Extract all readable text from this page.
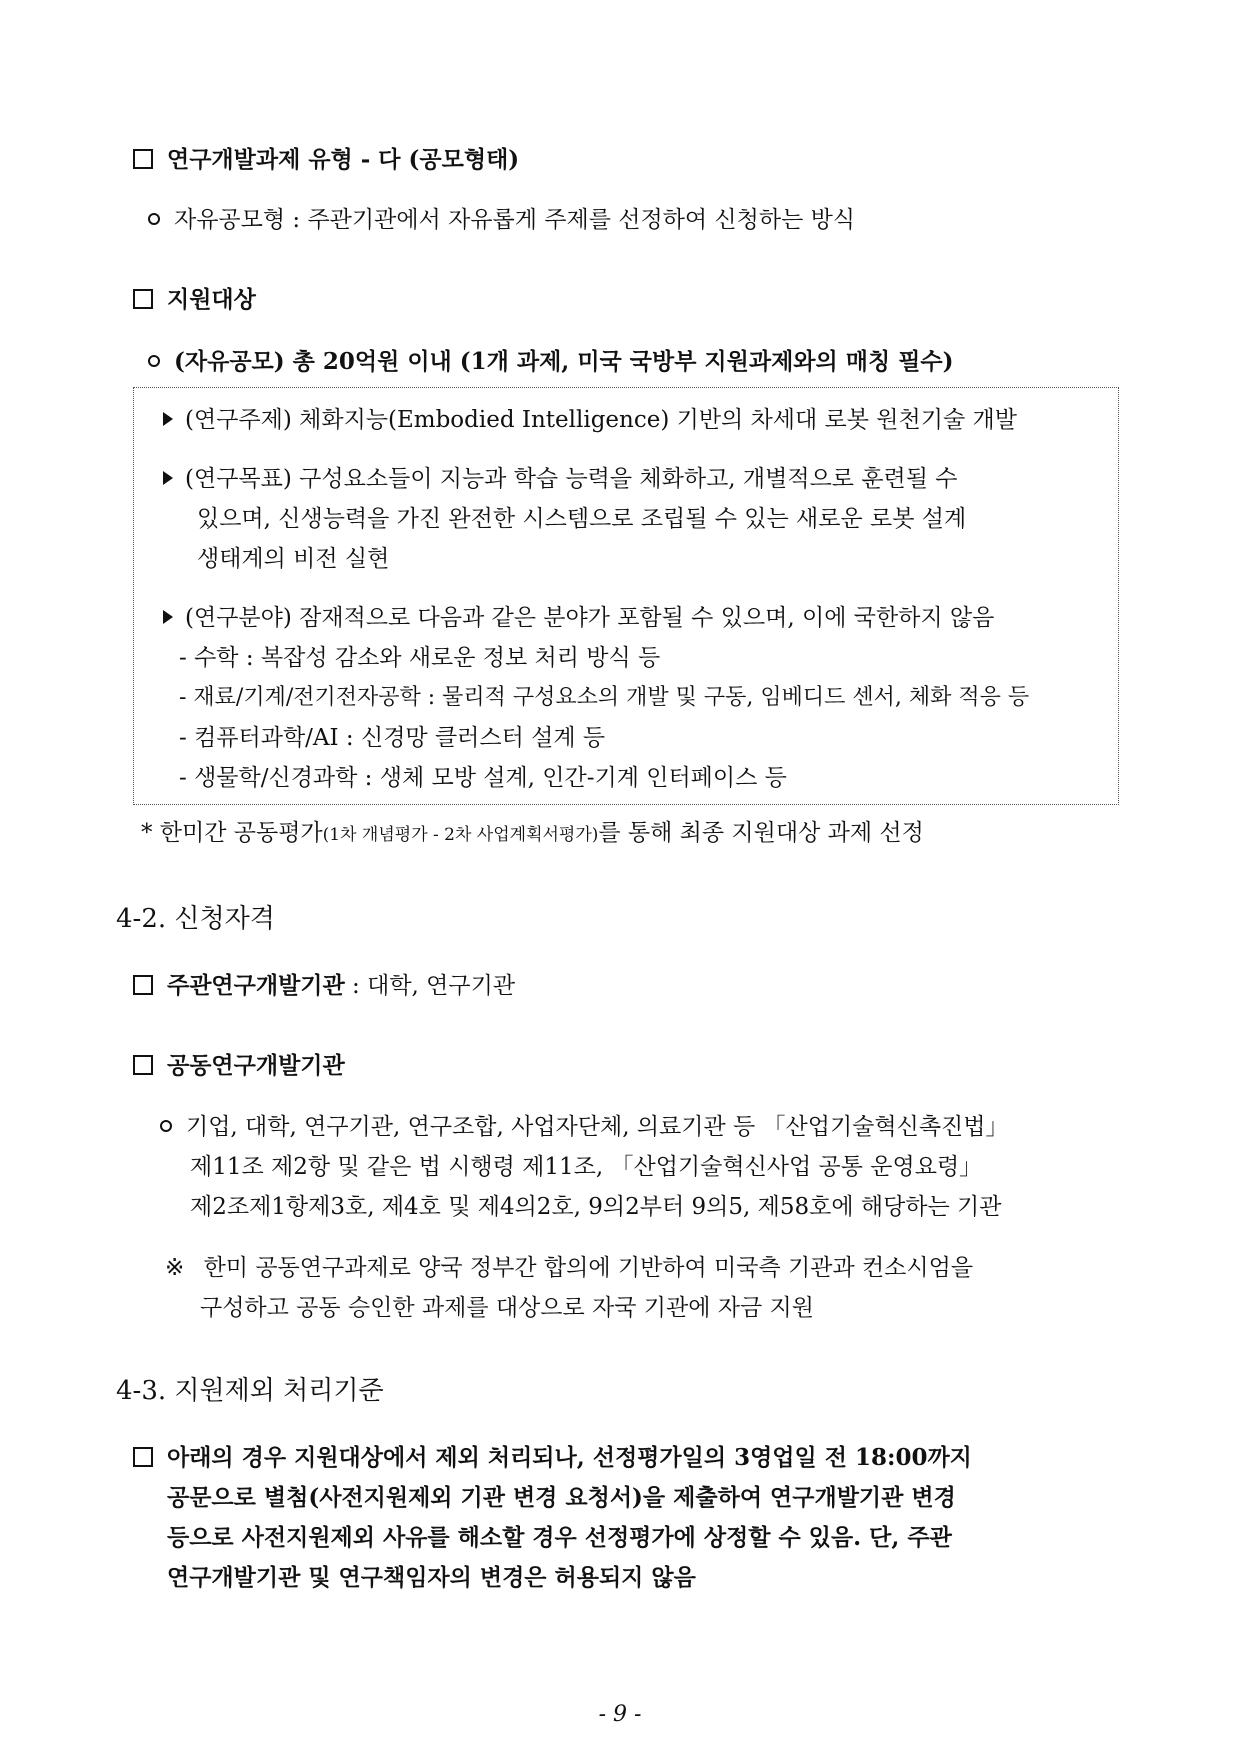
연구개발과제 유형 - 다 (공모형태)
자유공모형 : 주관기관에서 자유롭게 주제를 선정하여 신청하는 방식
지원대상
(자유공모) 총 20억원 이내 (1개 과제, 미국 국방부 지원과제와의 매칭 필수)
(연구주제) 체화지능(Embodied Intelligence) 기반의 차세대 로봇 원천기술 개발
(연구목표) 구성요소들이 지능과 학습 능력을 체화하고, 개별적으로 훈련될 수
있으며, 신생능력을 가진 완전한 시스템으로 조립될 수 있는 새로운 로봇 설계
생태계의 비전 실현
(연구분야) 잠재적으로 다음과 같은 분야가 포함될 수 있으며, 이에 국한하지 않음
- 수학 : 복잡성 감소와 새로운 정보 처리 방식 등
- 재료/기계/전기전자공학 : 물리적 구성요소의 개발 및 구동, 임베디드 센서, 체화 적응 등
- 컴퓨터과학/AI : 신경망 클러스터 설계 등
- 생물학/신경과학 : 생체 모방 설계, 인간-기계 인터페이스 등
* 한미간 공동평가(1차 개념평가 - 2차 사업계획서평가)를 통해 최종 지원대상 과제 선정
4-2. 신청자격
주관연구개발기관 : 대학, 연구기관
공동연구개발기관
기업, 대학, 연구기관, 연구조합, 사업자단체, 의료기관 등 「산업기술혁신촉진법」
제11조 제2항 및 같은 법 시행령 제11조, 「산업기술혁신사업 공통 운영요령」
제2조제1항제3호, 제4호 및 제4의2호, 9의2부터 9의5, 제58호에 해당하는 기관
※ 한미 공동연구과제로 양국 정부간 합의에 기반하여 미국측 기관과 컨소시엄을
구성하고 공동 승인한 과제를 대상으로 자국 기관에 자금 지원
4-3. 지원제외 처리기준
아래의 경우 지원대상에서 제외 처리되나, 선정평가일의 3영업일 전 18:00까지
공문으로 별첨(사전지원제외 기관 변경 요청서)을 제출하여 연구개발기관 변경
등으로 사전지원제외 사유를 해소할 경우 선정평가에 상정할 수 있음. 단, 주관
연구개발기관 및 연구책임자의 변경은 허용되지 않음
- 9 -
